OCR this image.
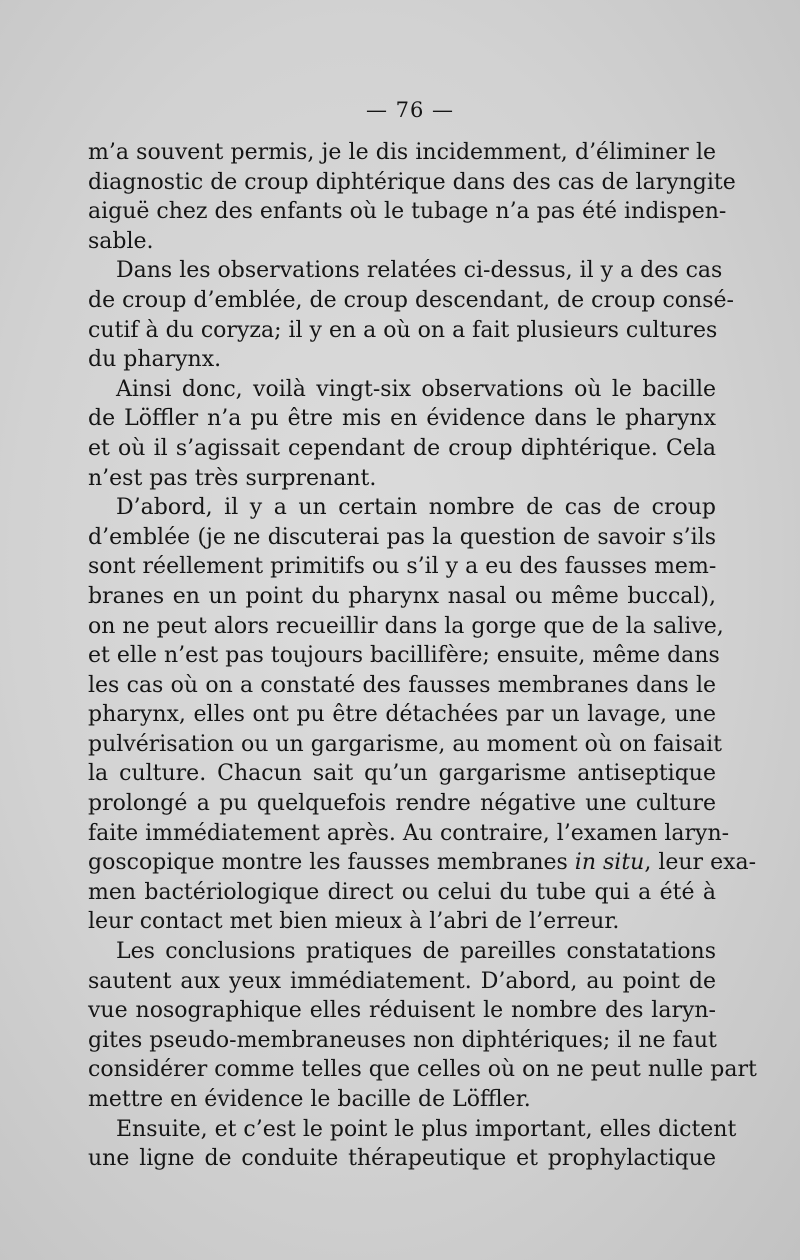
— 76 —
m’a souvent permis, je le dis incidemment, d’éliminer le
diagnostic de croup diphtérique dans des cas de laryngite
aiguë chez des enfants où le tubage n’a pas été indispen-
sable.
Dans les observations relatées ci-dessus, il y a des cas
de croup d’emblée, de croup descendant, de croup consé-
cutif à du coryza; il y en a où on a fait plusieurs cultures
du pharynx.
Ainsi donc, voilà vingt-six observations où le bacille
de Löffler n’a pu être mis en évidence dans le pharynx
et où il s’agissait cependant de croup diphtérique. Cela
n’est pas très surprenant.
D’abord, il y a un certain nombre de cas de croup
d’emblée (je ne discuterai pas la question de savoir s’ils
sont réellement primitifs ou s’il y a eu des fausses mem-
branes en un point du pharynx nasal ou même buccal),
on ne peut alors recueillir dans la gorge que de la salive,
et elle n’est pas toujours bacillifère; ensuite, même dans
les cas où on a constaté des fausses membranes dans le
pharynx, elles ont pu être détachées par un lavage, une
pulvérisation ou un gargarisme, au moment où on faisait
la culture. Chacun sait qu’un gargarisme antiseptique
prolongé a pu quelquefois rendre négative une culture
faite immédiatement après. Au contraire, l’examen laryn-
goscopique montre les fausses membranes in situ, leur exa-
men bactériologique direct ou celui du tube qui a été à
leur contact met bien mieux à l’abri de l’erreur.
Les conclusions pratiques de pareilles constatations
sautent aux yeux immédiatement. D’abord, au point de
vue nosographique elles réduisent le nombre des laryn-
gites pseudo-membraneuses non diphtériques; il ne faut
considérer comme telles que celles où on ne peut nulle part
mettre en évidence le bacille de Löffler.
Ensuite, et c’est le point le plus important, elles dictent
une ligne de conduite thérapeutique et prophylactique
